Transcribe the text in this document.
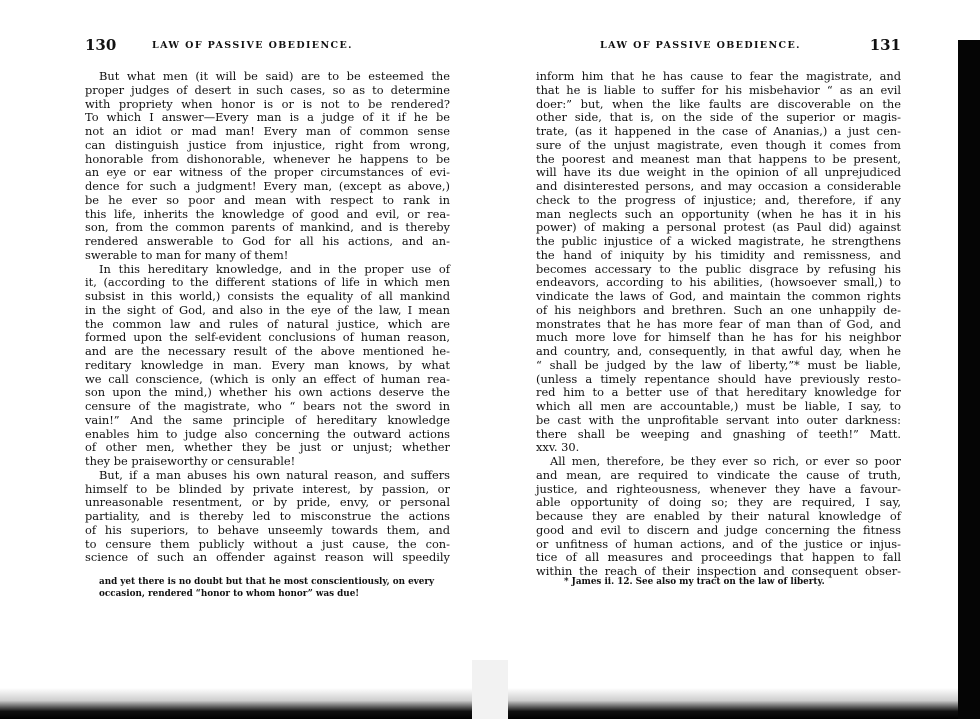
130	LAW OF PASSIVE OBEDIENCE.
But what men (it will be said) are to be esteemed the
proper judges of desert in such cases, so as to determine
with propriety when honor is or is not to be rendered?
To which I answer—Every man is a judge of it if he be
not an idiot or mad man! Every man of common sense
can distinguish justice from injustice, right from wrong,
honorable from dishonorable, whenever he happens to be
an eye or ear witness of the proper circumstances of evi-
dence for such a judgment! Every man, (except as above,)
be he ever so poor and mean with respect to rank in
this life, inherits the knowledge of good and evil, or rea-
son, from the common parents of mankind, and is thereby
rendered answerable to God for all his actions, and an-
swerable to man for many of them!
In this hereditary knowledge, and in the proper use of
it, (according to the different stations of life in which men
subsist in this world,) consists the equality of all mankind
in the sight of God, and also in the eye of the law, I mean
the common law and rules of natural justice, which are
formed upon the self-evident conclusions of human reason,
and are the necessary result of the above mentioned he-
reditary knowledge in man. Every man knows, by what
we call conscience, (which is only an effect of human rea-
son upon the mind,) whether his own actions deserve the
censure of the magistrate, who “ bears not the sword in
vain!” And the same principle of hereditary knowledge
enables him to judge also concerning the outward actions
of other men, whether they be just or unjust; whether
they be praiseworthy or censurable!
But, if a man abuses his own natural reason, and suffers
himself to be blinded by private interest, by passion, or
unreasonable resentment, or by pride, envy, or personal
partiality, and is thereby led to misconstrue the actions
of his superiors, to behave unseemly towards them, and
to censure them publicly without a just cause, the con-
science of such an offender against reason will speedily
and yet there is no doubt but that he most conscientiously, on every
occasion, rendered “honor to whom honor” was due!
LAW OF PASSIVE OBEDIENCE.	131
inform him that he has cause to fear the magistrate, and
that he is liable to suffer for his misbehavior “ as an evil
doer:” but, when the like faults are discoverable on the
other side, that is, on the side of the superior or magis-
trate, (as it happened in the case of Ananias,) a just cen-
sure of the unjust magistrate, even though it comes from
the poorest and meanest man that happens to be present,
will have its due weight in the opinion of all unprejudiced
and disinterested persons, and may occasion a considerable
check to the progress of injustice; and, therefore, if any
man neglects such an opportunity (when he has it in his
power) of making a personal protest (as Paul did) against
the public injustice of a wicked magistrate, he strengthens
the hand of iniquity by his timidity and remissness, and
becomes accessary to the public disgrace by refusing his
endeavors, according to his abilities, (howsoever small,) to
vindicate the laws of God, and maintain the common rights
of his neighbors and brethren. Such an one unhappily de-
monstrates that he has more fear of man than of God, and
much more love for himself than he has for his neighbor
and country, and, consequently, in that awful day, when he
“ shall be judged by the law of liberty,”* must be liable,
(unless a timely repentance should have previously resto-
red him to a better use of that hereditary knowledge for
which all men are accountable,) must be liable, I say, to
be cast with the unprofitable servant into outer darkness:
there shall be weeping and gnashing of teeth!” Matt.
xxv. 30.
All men, therefore, be they ever so rich, or ever so poor
and mean, are required to vindicate the cause of truth,
justice, and righteousness, whenever they have a favour-
able opportunity of doing so; they are required, I say,
because they are enabled by their natural knowledge of
good and evil to discern and judge concerning the fitness
or unfitness of human actions, and of the justice or injus-
tice of all measures and proceedings that happen to fall
within the reach of their inspection and consequent obser-
* James ii. 12. See also my tract on the law of liberty.
